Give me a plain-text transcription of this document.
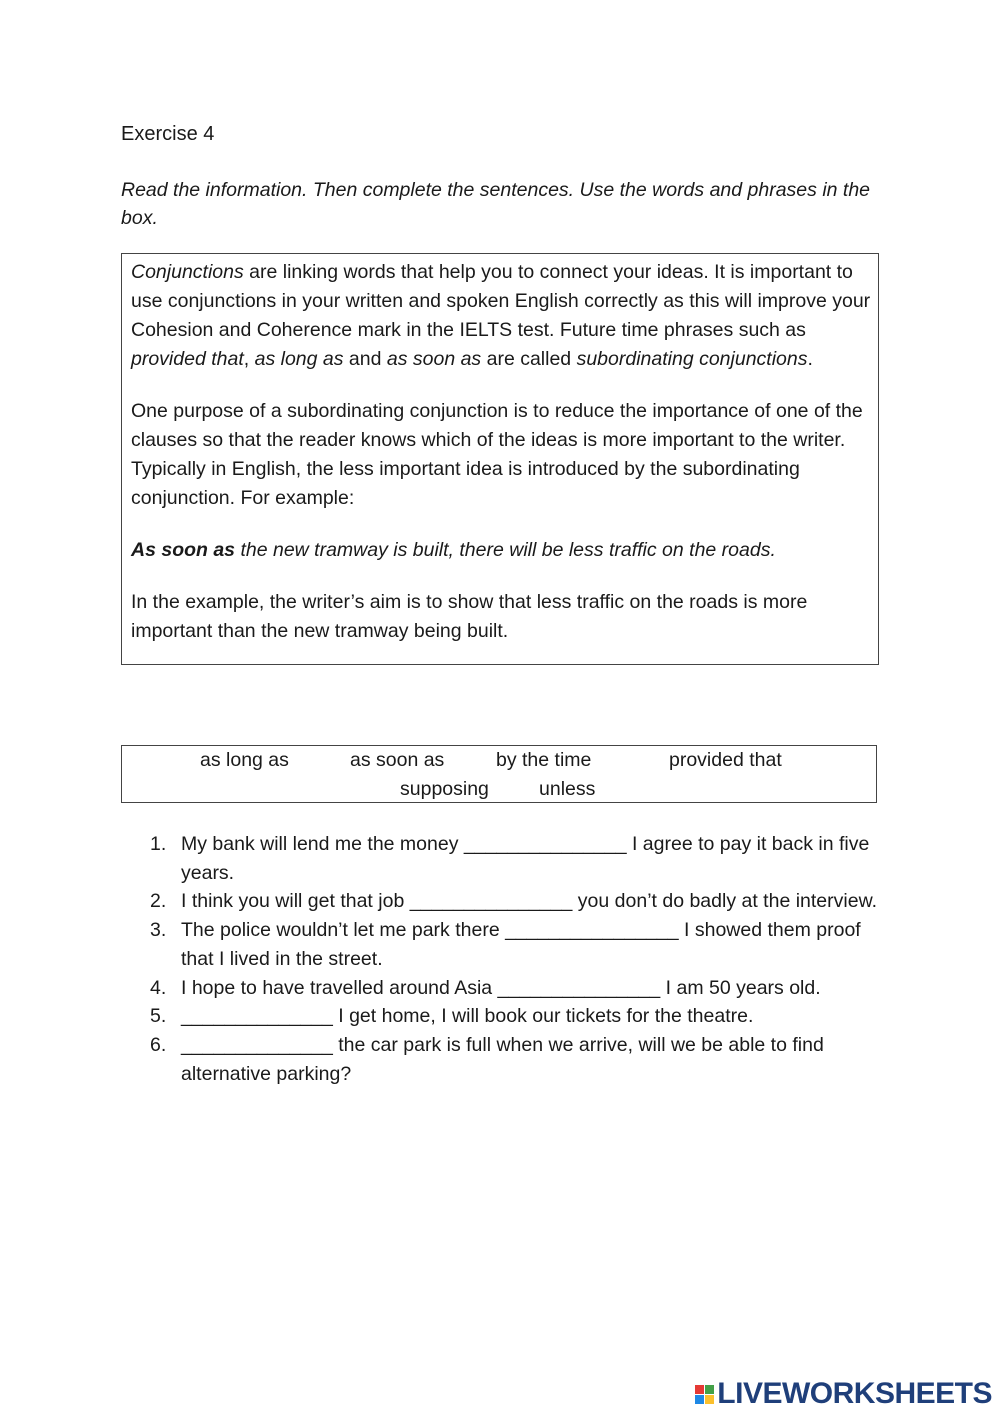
Exercise 4
Read the information. Then complete the sentences. Use the words and phrases in the box.

Conjunctions are linking words that help you to connect your ideas. It is important to use conjunctions in your written and spoken English correctly as this will improve your Cohesion and Coherence mark in the IELTS test. Future time phrases such as provided that, as long as and as soon as are called subordinating conjunctions.

One purpose of a subordinating conjunction is to reduce the importance of one of the clauses so that the reader knows which of the ideas is more important to the writer. Typically in English, the less important idea is introduced by the subordinating conjunction. For example:

As soon as the new tramway is built, there will be less traffic on the roads.

In the example, the writer’s aim is to show that less traffic on the roads is more important than the new tramway being built.

as long as	as soon as	by the time	provided that
supposing	unless
1. My bank will lend me the money _______________ I agree to pay it back in five years.
2. I think you will get that job _______________ you don’t do badly at the interview.
3. The police wouldn’t let me park there ________________ I showed them proof that I lived in the street.
4. I hope to have travelled around Asia _______________ I am 50 years old.
5. ______________ I get home, I will book our tickets for the theatre.
6. ______________ the car park is full when we arrive, will we be able to find alternative parking?
LIVEWORKSHEETS
